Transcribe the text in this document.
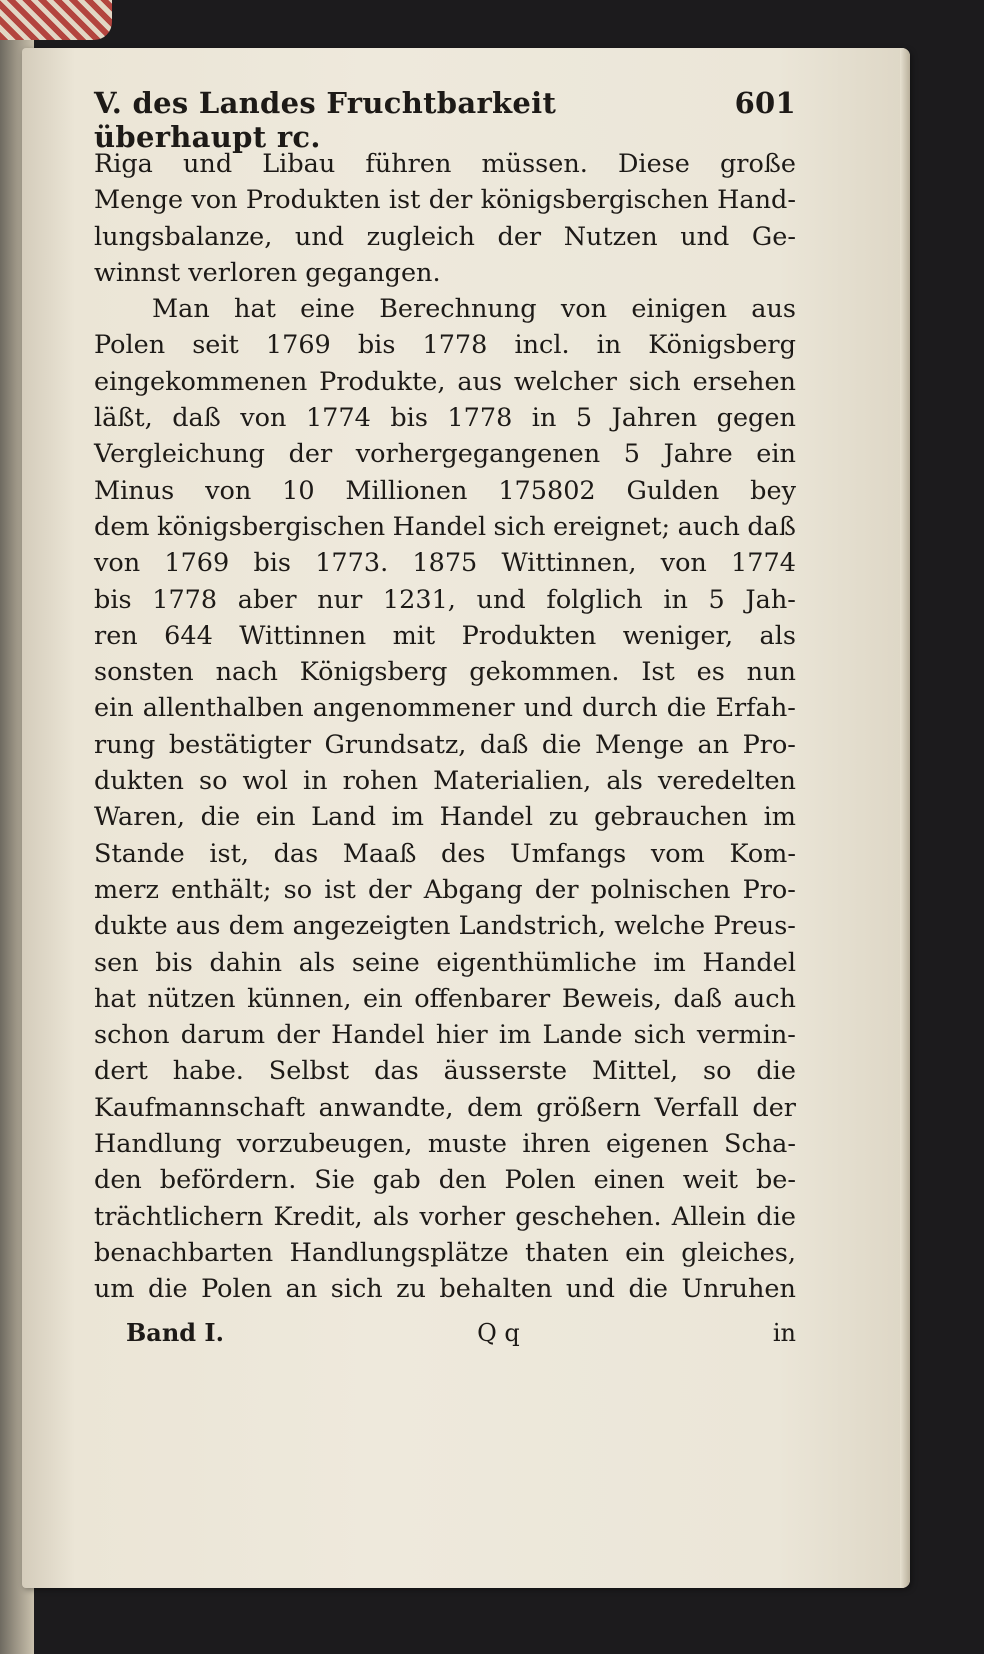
V. des Landes Fruchtbarkeit überhaupt rc.
601
Riga und Libau führen müssen. Diese große
Menge von Produkten ist der königsbergischen Hand-
lungsbalanze, und zugleich der Nutzen und Ge-
winnst verloren gegangen.
Man hat eine Berechnung von einigen aus
Polen seit 1769 bis 1778 incl. in Königsberg
eingekommenen Produkte, aus welcher sich ersehen
läßt, daß von 1774 bis 1778 in 5 Jahren gegen
Vergleichung der vorhergegangenen 5 Jahre ein
Minus von 10 Millionen 175802 Gulden bey
dem königsbergischen Handel sich ereignet; auch daß
von 1769 bis 1773. 1875 Wittinnen, von 1774
bis 1778 aber nur 1231, und folglich in 5 Jah-
ren 644 Wittinnen mit Produkten weniger, als
sonsten nach Königsberg gekommen. Ist es nun
ein allenthalben angenommener und durch die Erfah-
rung bestätigter Grundsatz, daß die Menge an Pro-
dukten so wol in rohen Materialien, als veredelten
Waren, die ein Land im Handel zu gebrauchen im
Stande ist, das Maaß des Umfangs vom Kom-
merz enthält; so ist der Abgang der polnischen Pro-
dukte aus dem angezeigten Landstrich, welche Preus-
sen bis dahin als seine eigenthümliche im Handel
hat nützen künnen, ein offenbarer Beweis, daß auch
schon darum der Handel hier im Lande sich vermin-
dert habe. Selbst das äusserste Mittel, so die
Kaufmannschaft anwandte, dem größern Verfall der
Handlung vorzubeugen, muste ihren eigenen Scha-
den befördern. Sie gab den Polen einen weit be-
trächtlichern Kredit, als vorher geschehen. Allein die
benachbarten Handlungsplätze thaten ein gleiches,
um die Polen an sich zu behalten und die Unruhen
Band I.	Q q	in
